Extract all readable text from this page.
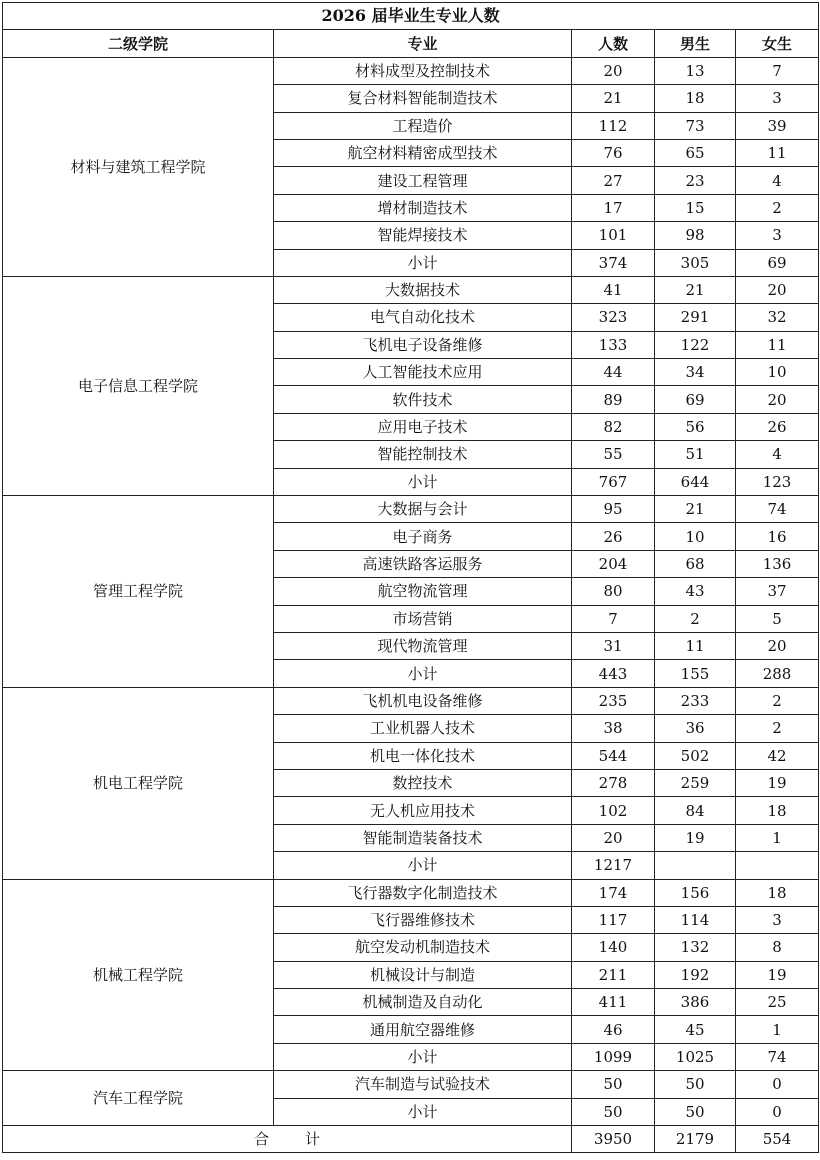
2026 届毕业生专业人数				
二级学院	专业	人数	男生	女生
材料与建筑工程学院	材料成型及控制技术	20	13	7
	复合材料智能制造技术	21	18	3
	工程造价	112	73	39
	航空材料精密成型技术	76	65	11
	建设工程管理	27	23	4
	增材制造技术	17	15	2
	智能焊接技术	101	98	3
	小计	374	305	69
电子信息工程学院	大数据技术	41	21	20
	电气自动化技术	323	291	32
	飞机电子设备维修	133	122	11
	人工智能技术应用	44	34	10
	软件技术	89	69	20
	应用电子技术	82	56	26
	智能控制技术	55	51	4
	小计	767	644	123
管理工程学院	大数据与会计	95	21	74
	电子商务	26	10	16
	高速铁路客运服务	204	68	136
	航空物流管理	80	43	37
	市场营销	7	2	5
	现代物流管理	31	11	20
	小计	443	155	288
机电工程学院	飞机机电设备维修	235	233	2
	工业机器人技术	38	36	2
	机电一体化技术	544	502	42
	数控技术	278	259	19
	无人机应用技术	102	84	18
	智能制造装备技术	20	19	1
	小计	1217		
机械工程学院	飞行器数字化制造技术	174	156	18
	飞行器维修技术	117	114	3
	航空发动机制造技术	140	132	8
	机械设计与制造	211	192	19
	机械制造及自动化	411	386	25
	通用航空器维修	46	45	1
	小计	1099	1025	74
汽车工程学院	汽车制造与试验技术	50	50	0
	小计	50	50	0
合 计		3950	2179	554
